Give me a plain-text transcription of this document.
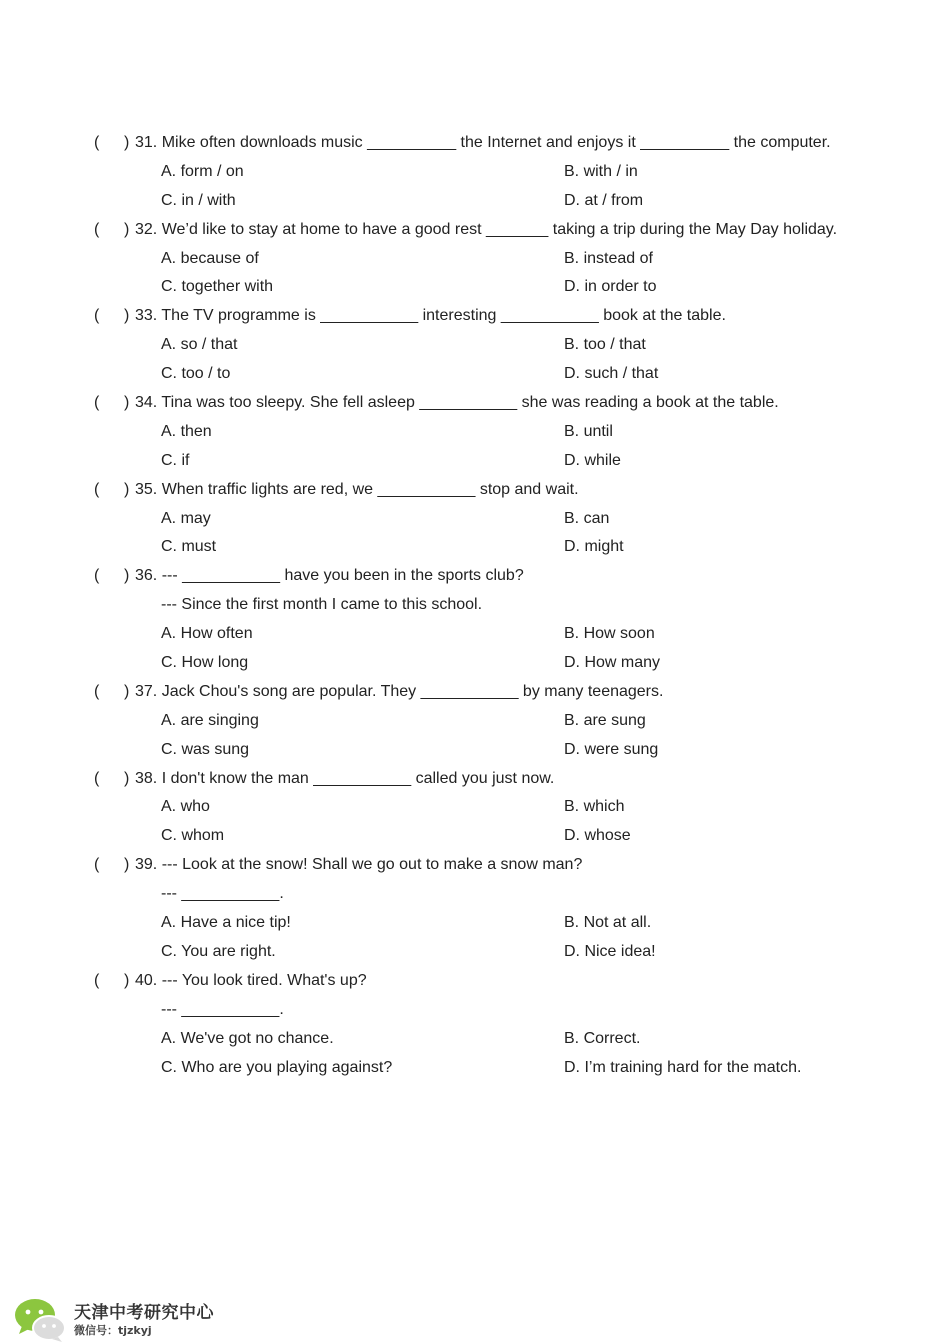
( ) 31. Mike often downloads music __________ the Internet and enjoys it __________ the computer.
A. form / on	B. with / in
C. in / with	D. at / from
( ) 32. We’d like to stay at home to have a good rest _______ taking a trip during the May Day holiday.
A. because of	B. instead of
C. together with	D. in order to
( ) 33. The TV programme is ___________ interesting ___________ book at the table.
A. so / that	B. too / that
C. too / to	D. such / that
( ) 34. Tina was too sleepy. She fell asleep ___________ she was reading a book at the table.
A. then	B. until
C. if	D. while
( ) 35. When traffic lights are red, we ___________ stop and wait.
A. may	B. can
C. must	D. might
( ) 36. --- ___________ have you been in the sports club?
--- Since the first month I came to this school.
A. How often	B. How soon
C. How long	D. How many
( ) 37. Jack Chou's song are popular. They ___________ by many teenagers.
A. are singing	B. are sung
C. was sung	D. were sung
( ) 38. I don't know the man ___________ called you just now.
A. who	B. which
C. whom	D. whose
( ) 39. --- Look at the snow! Shall we go out to make a snow man?
--- ___________.
A. Have a nice tip!	B. Not at all.
C. You are right.	D. Nice idea!
( ) 40. --- You look tired. What's up?
--- ___________.
A. We've got no chance.	B. Correct.
C. Who are you playing against?	D. I’m training hard for the match.
天津中考研究中心
微信号：tjzkyj
